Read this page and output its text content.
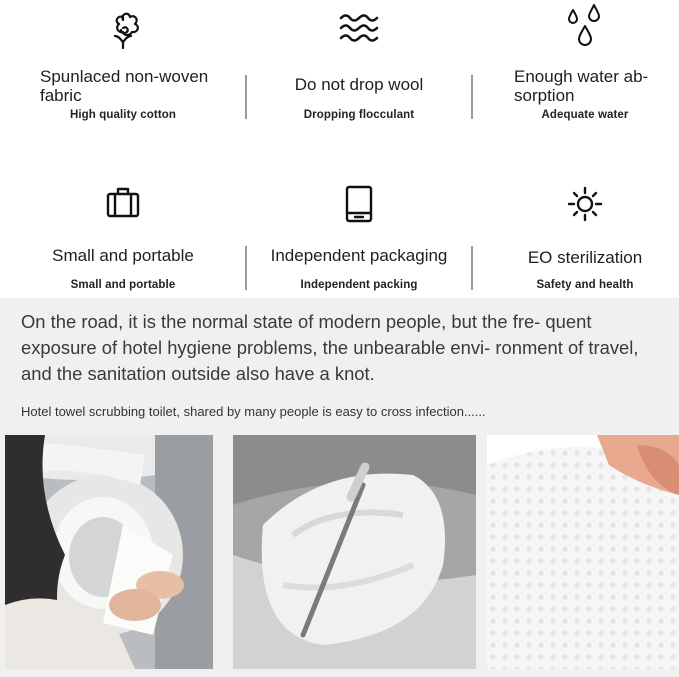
Spunlaced non-woven fabric
High quality cotton
Do not drop wool
Dropping flocculant
Enough water ab- sorption
Adequate water
Small and portable
Small and portable
Independent packaging
Independent packing
EO sterilization
Safety and health
On the road, it is the normal state of modern people, but the fre- quent exposure of hotel hygiene problems, the unbearable envi- ronment of travel, and the sanitation outside also have a knot.
Hotel towel scrubbing toilet, shared by many people is easy to cross infection......
